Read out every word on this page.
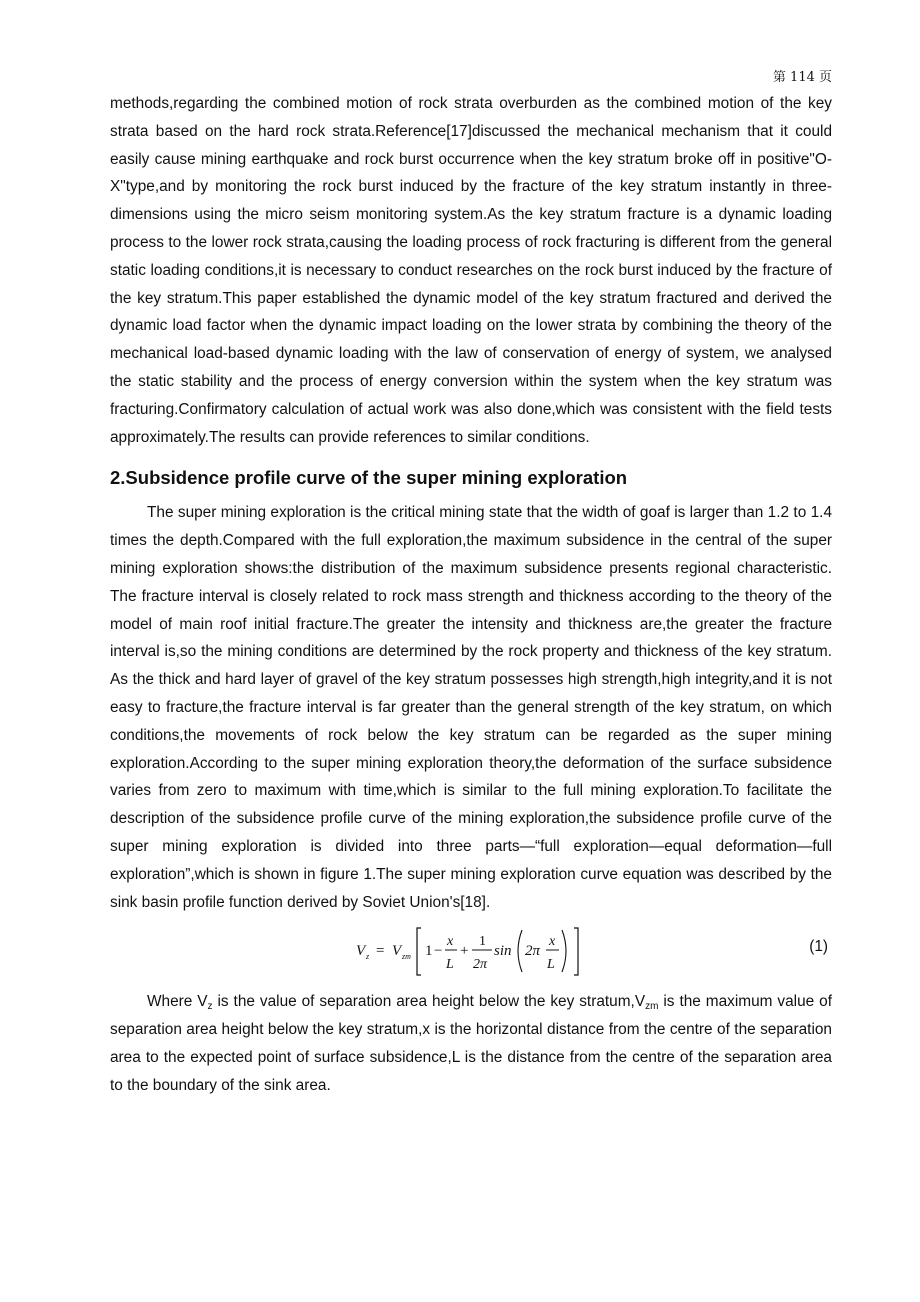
第 114 页

methods,regarding the combined motion of rock strata overburden as the combined motion of the key strata based on the hard rock strata.Reference[17]discussed the mechanical mechanism that it could easily cause mining earthquake and rock burst occurrence when the key stratum broke off in positive"O-X"type,and by monitoring the rock burst induced by the fracture of the key stratum instantly in three-dimensions using the micro seism monitoring system.As the key stratum fracture is a dynamic loading process to the lower rock strata,causing the loading process of rock fracturing is different from the general static loading conditions,it is necessary to conduct researches on the rock burst induced by the fracture of the key stratum.This paper established the dynamic model of the key stratum fractured and derived the dynamic load factor when the dynamic impact loading on the lower strata by combining the theory of the mechanical load-based dynamic loading with the law of conservation of energy of system, we analysed the static stability and the process of energy conversion within the system when the key stratum was fracturing.Confirmatory calculation of actual work was also done,which was consistent with the field tests approximately.The results can provide references to similar conditions.

2.Subsidence profile curve of the super mining exploration

The super mining exploration is the critical mining state that the width of goaf is larger than 1.2 to 1.4 times the depth.Compared with the full exploration,the maximum subsidence in the central of the super mining exploration shows:the distribution of the maximum subsidence presents regional characteristic. The fracture interval is closely related to rock mass strength and thickness according to the theory of the model of main roof initial fracture.The greater the intensity and thickness are,the greater the fracture interval is,so the mining conditions are determined by the rock property and thickness of the key stratum. As the thick and hard layer of gravel of the key stratum possesses high strength,high integrity,and it is not easy to fracture,the fracture interval is far greater than the general strength of the key stratum, on which conditions,the movements of rock below the key stratum can be regarded as the super mining exploration.According to the super mining exploration theory,the deformation of the surface subsidence varies from zero to maximum with time,which is similar to the full mining exploration.To facilitate the description of the subsidence profile curve of the mining exploration,the subsidence profile curve of the super mining exploration is divided into three parts—“full exploration—equal deformation—full exploration”,which is shown in figure 1.The super mining exploration curve equation was described by the sink basin profile function derived by Soviet Union's[18].

V z = V zm 1 −
x
L
+
1
2π
sin 2π
x
L
(1)

Where $V_z$ is the value of separation area height below the key $stratum,V_{zm}$ is the maximum value of separation area height below the key stratum,x is the horizontal distance from the centre of the separation area to the expected point of surface subsidence,L is the distance from the centre of the separation area to the boundary of the sink area.
